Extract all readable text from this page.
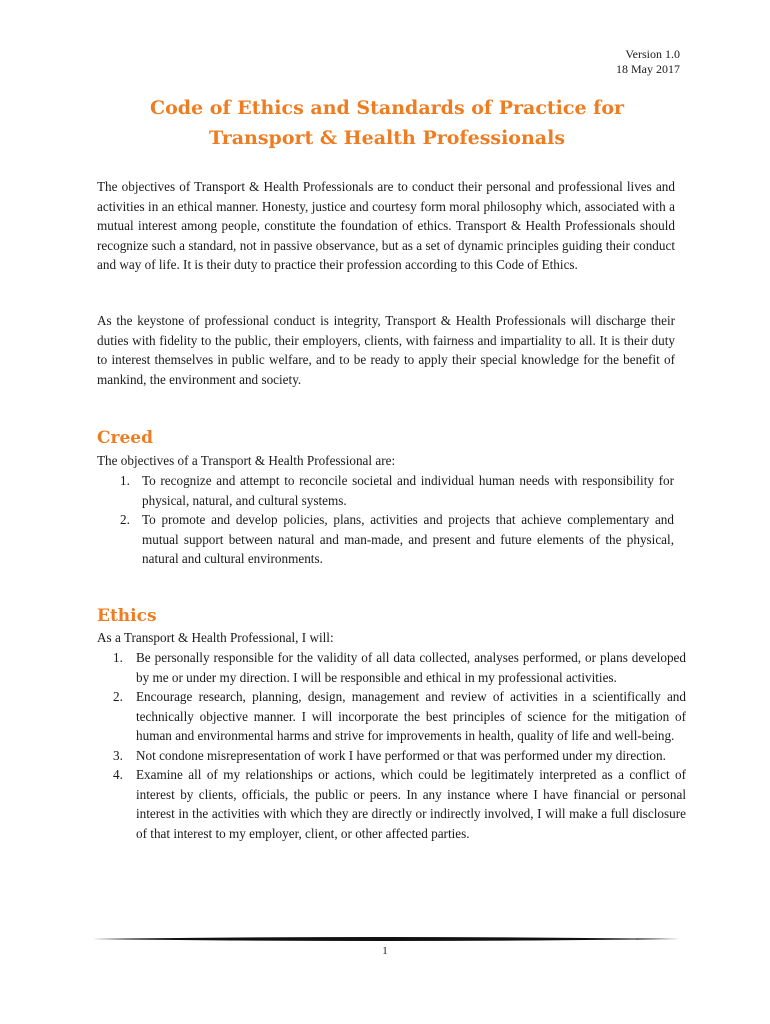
Version 1.0
18 May 2017
Code of Ethics and Standards of Practice for
Transport & Health Professionals

The objectives of Transport & Health Professionals are to conduct their personal and professional lives and activities in an ethical manner. Honesty, justice and courtesy form moral philosophy which, associated with a mutual interest among people, constitute the foundation of ethics. Transport & Health Professionals should recognize such a standard, not in passive observance, but as a set of dynamic principles guiding their conduct and way of life. It is their duty to practice their profession according to this Code of Ethics.

As the keystone of professional conduct is integrity, Transport & Health Professionals will discharge their duties with fidelity to the public, their employers, clients, with fairness and impartiality to all. It is their duty to interest themselves in public welfare, and to be ready to apply their special knowledge for the benefit of mankind, the environment and society.

Creed

The objectives of a Transport & Health Professional are:

1. To recognize and attempt to reconcile societal and individual human needs with responsibility for physical, natural, and cultural systems.
2. To promote and develop policies, plans, activities and projects that achieve complementary and mutual support between natural and man-made, and present and future elements of the physical, natural and cultural environments.
Ethics

As a Transport & Health Professional, I will:

1. Be personally responsible for the validity of all data collected, analyses performed, or plans developed by me or under my direction. I will be responsible and ethical in my professional activities.
2. Encourage research, planning, design, management and review of activities in a scientifically and technically objective manner. I will incorporate the best principles of science for the mitigation of human and environmental harms and strive for improvements in health, quality of life and well-being.
3. Not condone misrepresentation of work I have performed or that was performed under my direction.
4. Examine all of my relationships or actions, which could be legitimately interpreted as a conflict of interest by clients, officials, the public or peers. In any instance where I have financial or personal interest in the activities with which they are directly or indirectly involved, I will make a full disclosure of that interest to my employer, client, or other affected parties.
1
